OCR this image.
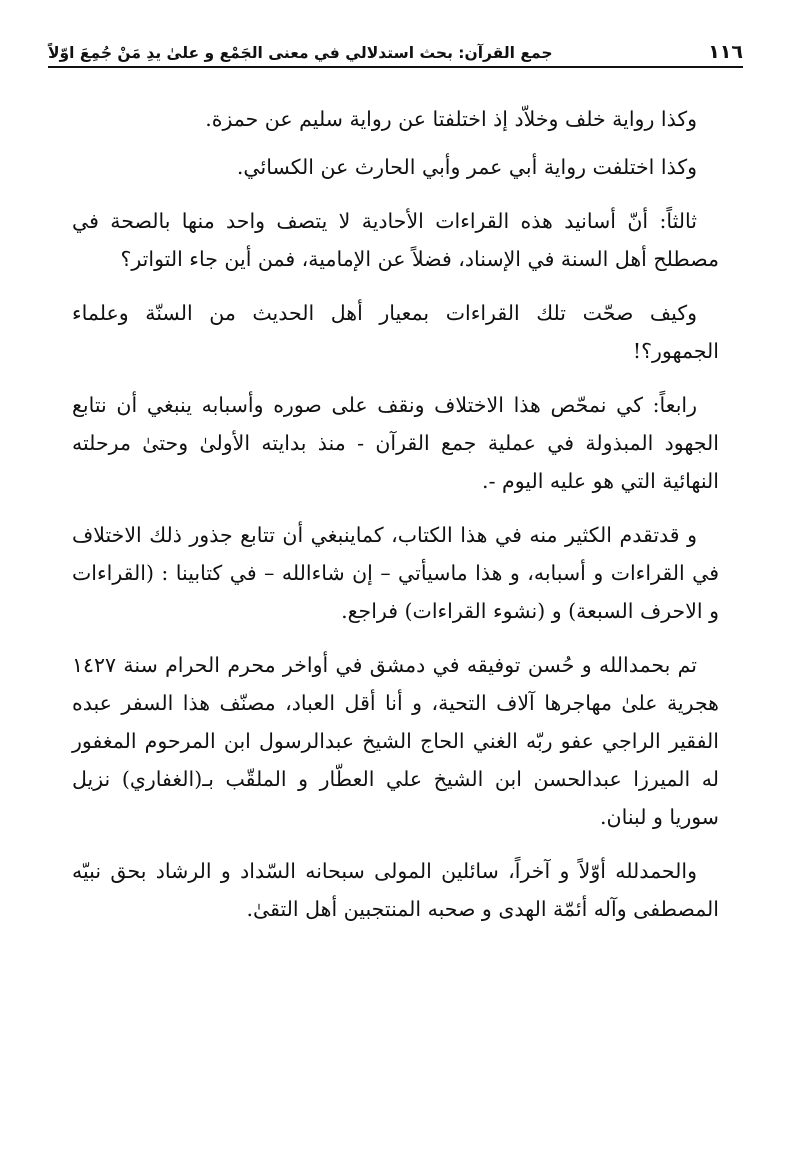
١١٦
جمع القرآن: بحث استدلالي في معنى الجَمْع و علىٰ يدِ مَنْ جُمِعَ اوّلاً

وكذا رواية خلف وخلاّد إذ اختلفتا عن رواية سليم عن حمزة.

وكذا اختلفت رواية أبي عمر وأبي الحارث عن الكسائي.

ثالثاً: أنّ أسانيد هذه القراءات الأحادية لا يتصف واحد منها بالصحة في مصطلح أهل السنة في الإسناد، فضلاً عن الإمامية، فمن أين جاء التواتر؟

وكيف صحّت تلك القراءات بمعيار أهل الحديث من السنّة وعلماء الجمهور؟!

رابعاً: كي نمحّص هذا الاختلاف ونقف على صوره وأسبابه ينبغي أن نتابع الجهود المبذولة في عملية جمع القرآن - منذ بدايته الأولىٰ وحتىٰ مرحلته النهائية التي هو عليه اليوم -.

و قدتقدم الكثير منه في هذا الكتاب، كماينبغي أن تتابع جذور ذلك الاختلاف في القراءات و أسبابه، و هذا ماسيأتي – إن شاءالله – في كتابينا : (القراءات و الاحرف السبعة) و (نشوء القراءات) فراجع.

تم بحمدالله و حُسن توفيقه في دمشق في أواخر محرم الحرام سنة ١٤٢٧ هجرية علىٰ مهاجرها آلاف التحية، و أنا أقل العباد، مصنّف هذا السفر عبده الفقير الراجي عفو ربّه الغني الحاج الشيخ عبدالرسول ابن المرحوم المغفور له الميرزا عبدالحسن ابن الشيخ علي العطّار و الملقّب بـ(الغفاري) نزيل سوريا و لبنان.

والحمدلله أوّلاً و آخراً، سائلين المولى سبحانه السّداد و الرشاد بحق نبيّه المصطفى وآله أئمّة الهدى و صحبه المنتجبين أهل التقىٰ.
